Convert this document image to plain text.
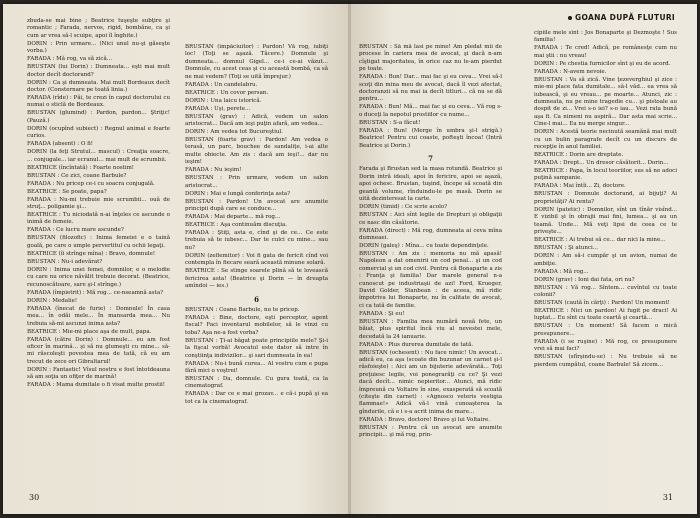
zbuda-se mai bine ; Beatrice tuşeşte subţire şi romantic ; Farada, nervos, rigid, bombăne, ca şi cum ar vrea să-l scuipe, apoi îl înghite.)

DORIN : Prin urmare... (Nici unul nu-şi găseşte vorba.)

FARADA : Mă rog, va să zică...

BRUSTAN (lui Dorin) : Dumneata... eşti mai mult doctor decît doctorand?

DORIN : Ca şi dumneata. Mai mult Bordeaux decît doctor. (Consternare pe toată linia.)

FARADA (rîde) : Păi, te crezi în capul doctorului cu numai o sticlă de Bordeaux.

BRUSTAN (glumind) : Pardon, pardon... Ştriţic! (Pauză.)

DORIN (ocupînd subiect) : Regnul animal e foarte curios.

FARADA (absent) : O fi!

DORIN (la feţi Strutul... mascul) : Creaţia soacre, ... conjugale... iar ecranul... mai mult de scrumbii.

BEATRICE (încîntată) : Foarte nostim!

BRUSTAN : Ce zici, coane Barbule?

FARADA : Nu pricep ce-i cu soacra conjugală.

BEATRICE : Se poate, papa?

FARADA : Nu-mi trebuie mie scrumbii... ouă de struţ... poligamie şi...

BEATRICE : Tu niciodată n-ai înţeles ce ascunde o inimă de femeie.

FARADA : Ce lucru mare ascunde?

BRUSTAN (filozofic) : Inima femeiei e o taină goală, pe care o umple pervertitul cu ochii legaţi.

BEATRICE (îi strînge mîna) : Bravo, domnule!

BRUSTAN : Nu-i adevărat?

DORIN : Inima unei femei, domnilor, e o melodie cu care nu orice năvălit trebuie decorat. (Beatrice, recunoscătoare, sare şi-l strînge.)

FARADA (împietrit) : Mă rog... ce-nseamnă asta?

DORIN : Medalie!

FARADA (înecat de furie) : Domnule! În casa mea... în odăi mele... În mansarda mea... Nu trebuia să-mi ascunzi inima asta?

BEATRICE : Mie-mi place aşa de mult, papa.

FARADA (către Dorin) : Domnule... eu am fost oficer în marină... şi să nu glumeşti cu mine... să-mi răscoleşti povestea mea de tată, că eu am trecut de zece ori Gibraltarul!

DORIN : Fantastic! Vîsul nostru e fost întotdeauna să am soţia un ofiţer de marină!

FARADA : Mama dumitale o fi visat multe prostii!

BRUSTAN (împăciuitor) : Pardon! Vă rog, iubiţi loc! (Toţi se aşază. Tăcere.) Domnule şi dumneata... domnul Gigel... ce-i ce-ai văzut... Domnule, cu acest ceas şi cu această bombă, ca să ne mai vedem? (Toţi se uită împrejur.)

FARADA : Un candelabru.

BEATRICE : Un covor persan.

DORIN : Una laicu istorică.

FARADA : Uşi, perete...

BRUSTAN (grav) : Adică, vedem un salon aristocrat... Dacă am ieşi puţin afară, am vedea...

DORIN : Am vedea tot Bucureştiul.

BRUSTAN (foarte grav) : Pardon! Am vedea o terasă, un parc, bouchee de sandaliţe, i-ai alte multe obiecte. Am zis : dacă am ieşi!... dar nu ieşim!

FARADA : Nu ieşim!

BRUSTAN : Prin urmare, vedem un salon aristocrat...

DORIN : Mai e lungă conferinţa asta?

BRUSTAN : Pardon! Un avocat are anumite principii după care se conduce...

FARADA : Mai departe... mă rog...

BEATRICE : Aşa continuăm discuţia.

FARADA : Ştiţi, asta e, cînd şi de ce... Ce este trebuia să te iubesc... Dar te culci cu mine... sau nu?

DORIN (zeflemitor) : Voi fi gata de fericit cînd voi contempla în fiecare seară această minune solară.

BEATRICE : Se stinge soarele plină să te lovească fericirea asta! (Beatrice şi Dorin — în dreapta amîndoi — ies.)

6

BRUSTAN : Coane Barbule, nu te pricep.

FARADA : Bine, doctore, eşti perceptor, agent fiscal? Faci inventarul mobilelor, să le vinzi cu toba? Aşa ne-a fost vorba?

BRUSTAN : Ţi-ai băgat poate principiile mele? Şi-i la fişcal vorbă! Avocatul este dator să intre în conştiinţa indivizilor... şi sari dumneata în ea!

FARADA : Nu-i bună curea... Al vostru cum e pupa fără mici o voştrei!

BRUSTAN : Da, domnule. Cu gura toată, ca la cinematograf.

FARADA : Dar ce e mai grozav... e că-i pupă şi ea tot ca la cinematograf.

30
GOANA DUPĂ FLUTURI

BRUSTAN : Să mă lasi pe mine! Am pledat mii de procese în cariera mea de avocat, şi dacă n-am cîştigat majoritatea, în orice caz nu le-am pierdut pe toate.

FARADA : Bun! Dar... mai fac şi eu ceva... Vrei să-l scoţi din mina meu de avocat, dacă îl vezi afectat, doctoranzii să nu mai ia decît titluri... că nu se dă pentru...

FARADA : Bun! Mă... mai fac şi eu ceva... Vă rog s-o duceţi la nepotul prostiilor cu nume...

BRUSTAN : S-a făcut!

FARADA : Bun! (Merge în umbra şi-l strigă.) Beatrice! Pentru cui coaste, pofteşti încoa! (Intră Beatrice şi Dorin.)

7

Farada şi Brustan sed la masa rotundă. Beatrice şi Dorin intră ideali, apoi în fericire, apoi se aşază, apoi ochesc. Brustan, tuşind, începe să scoată din geantă volume, rînduindu-le pe masă. Dorin se uită dezinteresat la carte.

DORIN (timid) : Ce scrie acolo?

BRUSTAN : Aici sînt legile de Drepturi şi obligaţii ce nasc din căsătorie.

FARADA (direct) : Mă rog, dumneata ai ceva mîna dumneaei.

DORIN (galeş) : Mîna... cu toate dependinţele.

BRUSTAN : Am zis : memoria nu mă apasă! Napoleon a dat omenirii un cod penal... şi un cod comercial şi un cod civil. Pentru că Bonaparte a zis : Franţa şi familia! Dar marele general n-a cunoscut pe industriaşii de azi! Ford, Krueger, David Golder, Stanbean : de aceea, mă ridic împotriva lui Bonaparte, nu în calitate de avocat, ci ca tată de familie.

FARADA : Şi eu!

BRUSTAN : Familia mea numără nouă fete, un băiat, plus spiritul încă viu al nevestei mele, decedată la 24 ianuarie.

FARADA : Plus durerea dumitale de tată.

BRUSTAN (ochesent) : Nu face nimic! Un avocat... adică eu, ca aşa (scoate din buzunar un carnet şi-l răsfoieşte) : Aici am un bijuterie adevărată... Toţi preţuiesc legile, voi ponegrarăţi cu ce? Şi vezi dacă decît... nimic nepieritor... Atunci, mă ridic împreună cu Voltaire în sine, exasperată să scoată (citeşte din carnet) : «Agnosco veteris vestigia flammae!» Adică vă-l vină cunoaşterea la gîndurile, că e i s-a acrit inima de mare...

FARADA : Bravo, doctore! Bravo şi lui Voltaire.

BRUSTAN : Pentru că un avocat are anumite principii... şi mă rog, prin-

cipiile mele sînt : Jos Bonaparte şi Dezmoşte ! Sus familia!

FARADA : Te cred! Adică, pe românesţe cum nu mai ştii : nu vreau!

DORIN : Pe chestia furnicilor sînt şi eu de acord.

FARADA : N-avem nevoie.

BRUSTAN : Va să zică. Vine ţezeverghiul şi zice : mie-mi place fata dumitale... să-l văd... ea vrea să iubească, şi eu vreau... pe moarte... Atunci, zic : dumneata, nu pe mine tragedie cu... şi pistoale au dospit de zi... Vrei s-o iei? s-o iau... Vezi rata bună aşa fi. Ca nimeni nu aspiră... Dar asta mai scrie... Cine-l mai... Ea nu merge singur...

DORIN : Acestă teorie necinută seamănă mai mult cu un bulin paragrafe decît cu un discurs de recepţie în anul familiei.

BEATRICE : Dorin are dreptate.

FARADA : Drept... Un dresor căsătorit... Dorin...

BEATRICE : Papa, în locul teoriilor, sus să ne adoci puţină sampanie.

FARADA : Mai întîi... Zi, doctore.

BRUSTAN : Domnule doctorand, ai bijuţi? Ai proprietăţi? Ai renta?

DORIN (patetic) : Domnilor, sînt un tînăr visînd... E vizibil şi în obrajii mai fini, lumea... şi au un teamă. Unde... Mă veţi lipsi de ceea ce te priveşte...

BEATRICE : Ai trebui să ce... dar nici la mine...

BRUSTAN : Şi atunci...

DORIN : Am să-i cumpăr şi un avion, numai de ambiţie.

FARADA : Mă rog...

DORIN (grav) : Ioni dai fata, ori nu?

BRUSTAN : Vă rog... Sîntem... cuvîntul cu toate colonii?

BRUSTAN (caută în cărţi) : Pardon! Un moment!

BEATRICE : Nici un pardon! Ai fugit pe draci! Ai luptat... Eu sînt cu toate ceartă şi ceartă...

BRUSTAN : Un moment! Să facem o mică presupunere...

FARADA (i se ruşine) : Mă rog, ce presupunere vrei să mai faci?

BRUSTAN (sfîrşindu-se) : Nu trebuie să ne pierdem cumpătul, coane Barbule! Să zicem...

31
